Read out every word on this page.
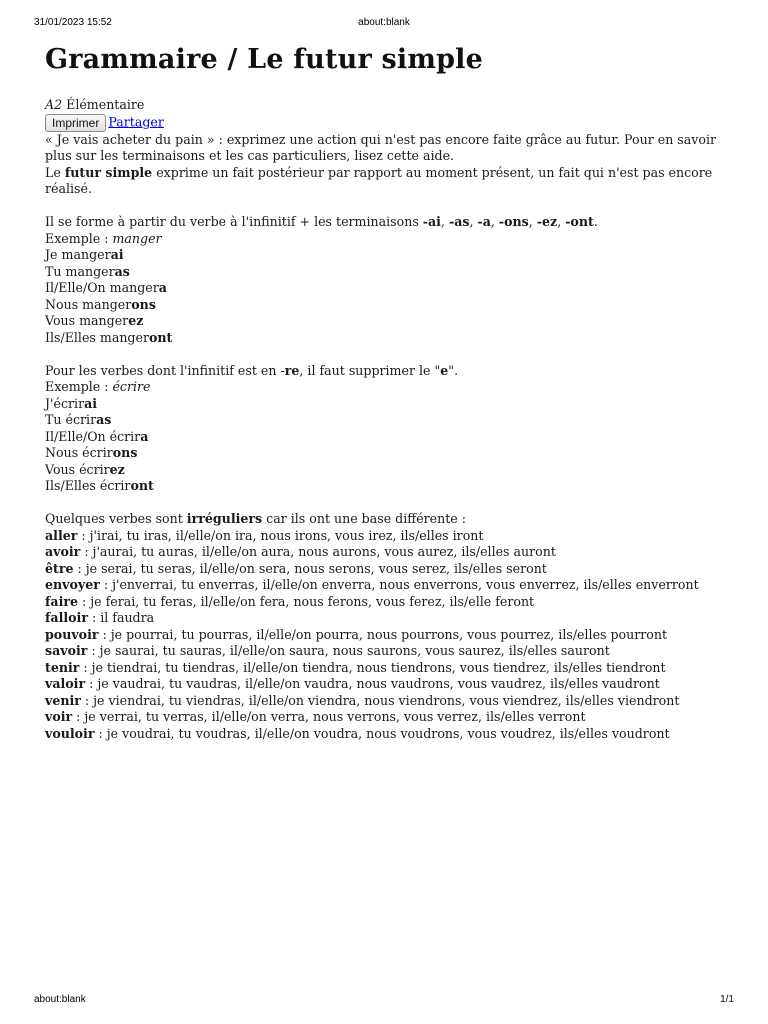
31/01/2023 15:52	about:blank
Grammaire / Le futur simple
A2 Élémentaire
Imprimer Partager
« Je vais acheter du pain » : exprimez une action qui n'est pas encore faite grâce au futur. Pour en savoir plus sur les terminaisons et les cas particuliers, lisez cette aide.
Le futur simple exprime un fait postérieur par rapport au moment présent, un fait qui n'est pas encore réalisé.
Il se forme à partir du verbe à l'infinitif + les terminaisons -ai, -as, -a, -ons, -ez, -ont.
Exemple : manger
Je mangerai
Tu mangeras
Il/Elle/On mangera
Nous mangerons
Vous mangerez
Ils/Elles mangeront
Pour les verbes dont l'infinitif est en -re, il faut supprimer le "e".
Exemple : écrire
J'écrirai
Tu écriras
Il/Elle/On écrira
Nous écrirons
Vous écrirez
Ils/Elles écriront
Quelques verbes sont irréguliers car ils ont une base différente :
aller : j'irai, tu iras, il/elle/on ira, nous irons, vous irez, ils/elles iront
avoir : j'aurai, tu auras, il/elle/on aura, nous aurons, vous aurez, ils/elles auront
être : je serai, tu seras, il/elle/on sera, nous serons, vous serez, ils/elles seront
envoyer : j'enverrai, tu enverras, il/elle/on enverra, nous enverrons, vous enverrez, ils/elles enverront
faire : je ferai, tu feras, il/elle/on fera, nous ferons, vous ferez, ils/elle feront
falloir : il faudra
pouvoir : je pourrai, tu pourras, il/elle/on pourra, nous pourrons, vous pourrez, ils/elles pourront
savoir : je saurai, tu sauras, il/elle/on saura, nous saurons, vous saurez, ils/elles sauront
tenir : je tiendrai, tu tiendras, il/elle/on tiendra, nous tiendrons, vous tiendrez, ils/elles tiendront
valoir : je vaudrai, tu vaudras, il/elle/on vaudra, nous vaudrons, vous vaudrez, ils/elles vaudront
venir : je viendrai, tu viendras, il/elle/on viendra, nous viendrons, vous viendrez, ils/elles viendront
voir : je verrai, tu verras, il/elle/on verra, nous verrons, vous verrez, ils/elles verront
vouloir : je voudrai, tu voudras, il/elle/on voudra, nous voudrons, vous voudrez, ils/elles voudront
about:blank	1/1
